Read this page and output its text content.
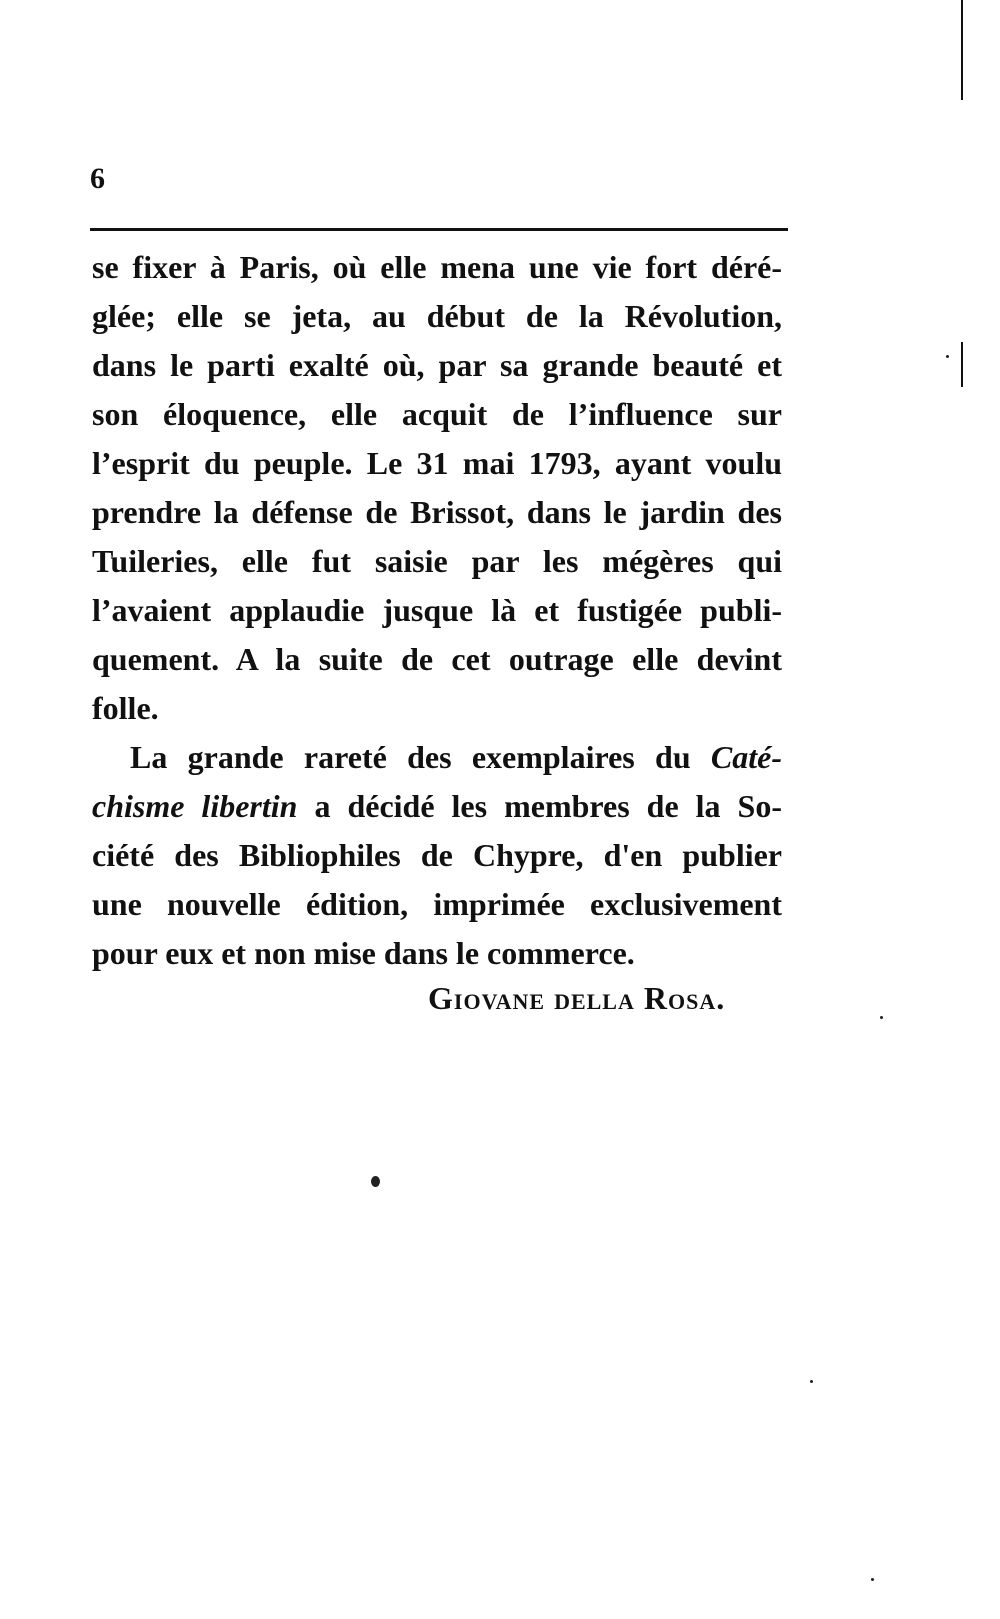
6
se fixer à Paris, où elle mena une vie fort déré-
glée; elle se jeta, au début de la Révolution,
dans le parti exalté où, par sa grande beauté et
son éloquence, elle acquit de l’influence sur
l’esprit du peuple. Le 31 mai 1793, ayant voulu
prendre la défense de Brissot, dans le jardin des
Tuileries, elle fut saisie par les mégères qui
l’avaient applaudie jusque là et fustigée publi-
quement. A la suite de cet outrage elle devint
folle.
La grande rareté des exemplaires du Caté-
chisme libertin a décidé les membres de la So-
ciété des Bibliophiles de Chypre, d'en publier
une nouvelle édition, imprimée exclusivement
pour eux et non mise dans le commerce.
Giovane della Rosa.
